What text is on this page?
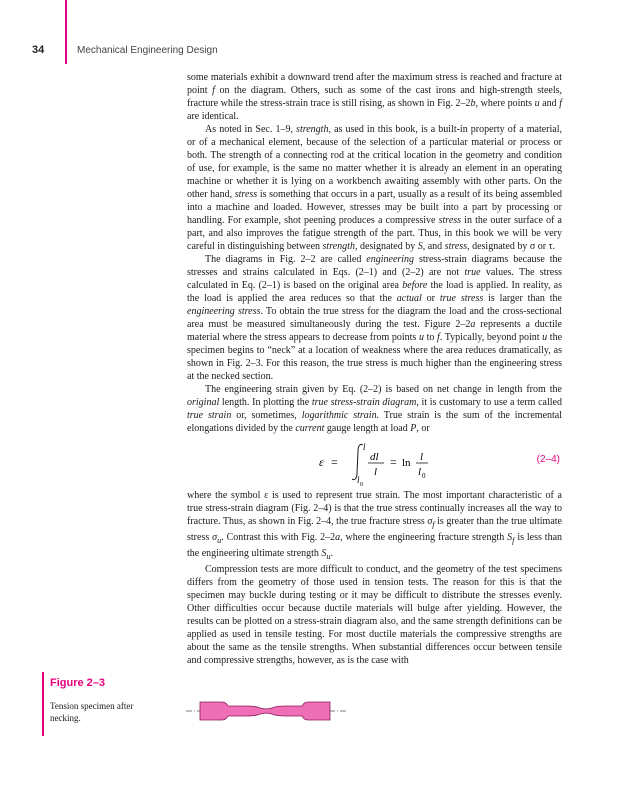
34	Mechanical Engineering Design

some materials exhibit a downward trend after the maximum stress is reached and fracture at point f on the diagram. Others, such as some of the cast irons and high-strength steels, fracture while the stress-strain trace is still rising, as shown in Fig. 2–2b, where points u and f are identical.

As noted in Sec. 1–9, strength, as used in this book, is a built-in property of a material, or of a mechanical element, because of the selection of a particular material or process or both. The strength of a connecting rod at the critical location in the geometry and condition of use, for example, is the same no matter whether it is already an element in an operating machine or whether it is lying on a workbench awaiting assembly with other parts. On the other hand, stress is something that occurs in a part, usually as a result of its being assembled into a machine and loaded. However, stresses may be built into a part by processing or handling. For example, shot peening produces a compressive stress in the outer surface of a part, and also improves the fatigue strength of the part. Thus, in this book we will be very careful in distinguishing between strength, designated by S, and stress, designated by σ or τ.

The diagrams in Fig. 2–2 are called engineering stress-strain diagrams because the stresses and strains calculated in Eqs. (2–1) and (2–2) are not true values. The stress calculated in Eq. (2–1) is based on the original area before the load is applied. In reality, as the load is applied the area reduces so that the actual or true stress is larger than the engineering stress. To obtain the true stress for the diagram the load and the cross-sectional area must be measured simultaneously during the test. Figure 2–2a represents a ductile material where the stress appears to decrease from points u to f. Typically, beyond point u the specimen begins to “neck” at a location of weakness where the area reduces dramatically, as shown in Fig. 2–3. For this reason, the true stress is much higher than the engineering stress at the necked section.

The engineering strain given by Eq. (2–2) is based on net change in length from the original length. In plotting the true stress-strain diagram, it is customary to use a term called true strain or, sometimes, logarithmic strain. True strain is the sum of the incremental elongations divided by the current gauge length at load P, or

ε =
l
l 0
dl
l
= ln l
l 0
(2–4)

where the symbol ε is used to represent true strain. The most important characteristic of a true stress-strain diagram (Fig. 2–4) is that the true stress continually increases all the way to fracture. Thus, as shown in Fig. 2–4, the true fracture stress $\sigma_f$ is greater than the true ultimate stress $\sigma_u$. Contrast this with Fig. 2–2a, where the engineering fracture strength $S_f$ is less than the engineering ultimate strength $S_u$.

Compression tests are more difficult to conduct, and the geometry of the test specimens differs from the geometry of those used in tension tests. The reason for this is that the specimen may buckle during testing or it may be difficult to distribute the stresses evenly. Other difficulties occur because ductile materials will bulge after yielding. However, the results can be plotted on a stress-strain diagram also, and the same strength definitions can be applied as used in tensile testing. For most ductile materials the compressive strengths are about the same as the tensile strengths. When substantial differences occur between tensile and compressive strengths, however, as is the case with

Figure 2–3
Tension specimen after necking.
